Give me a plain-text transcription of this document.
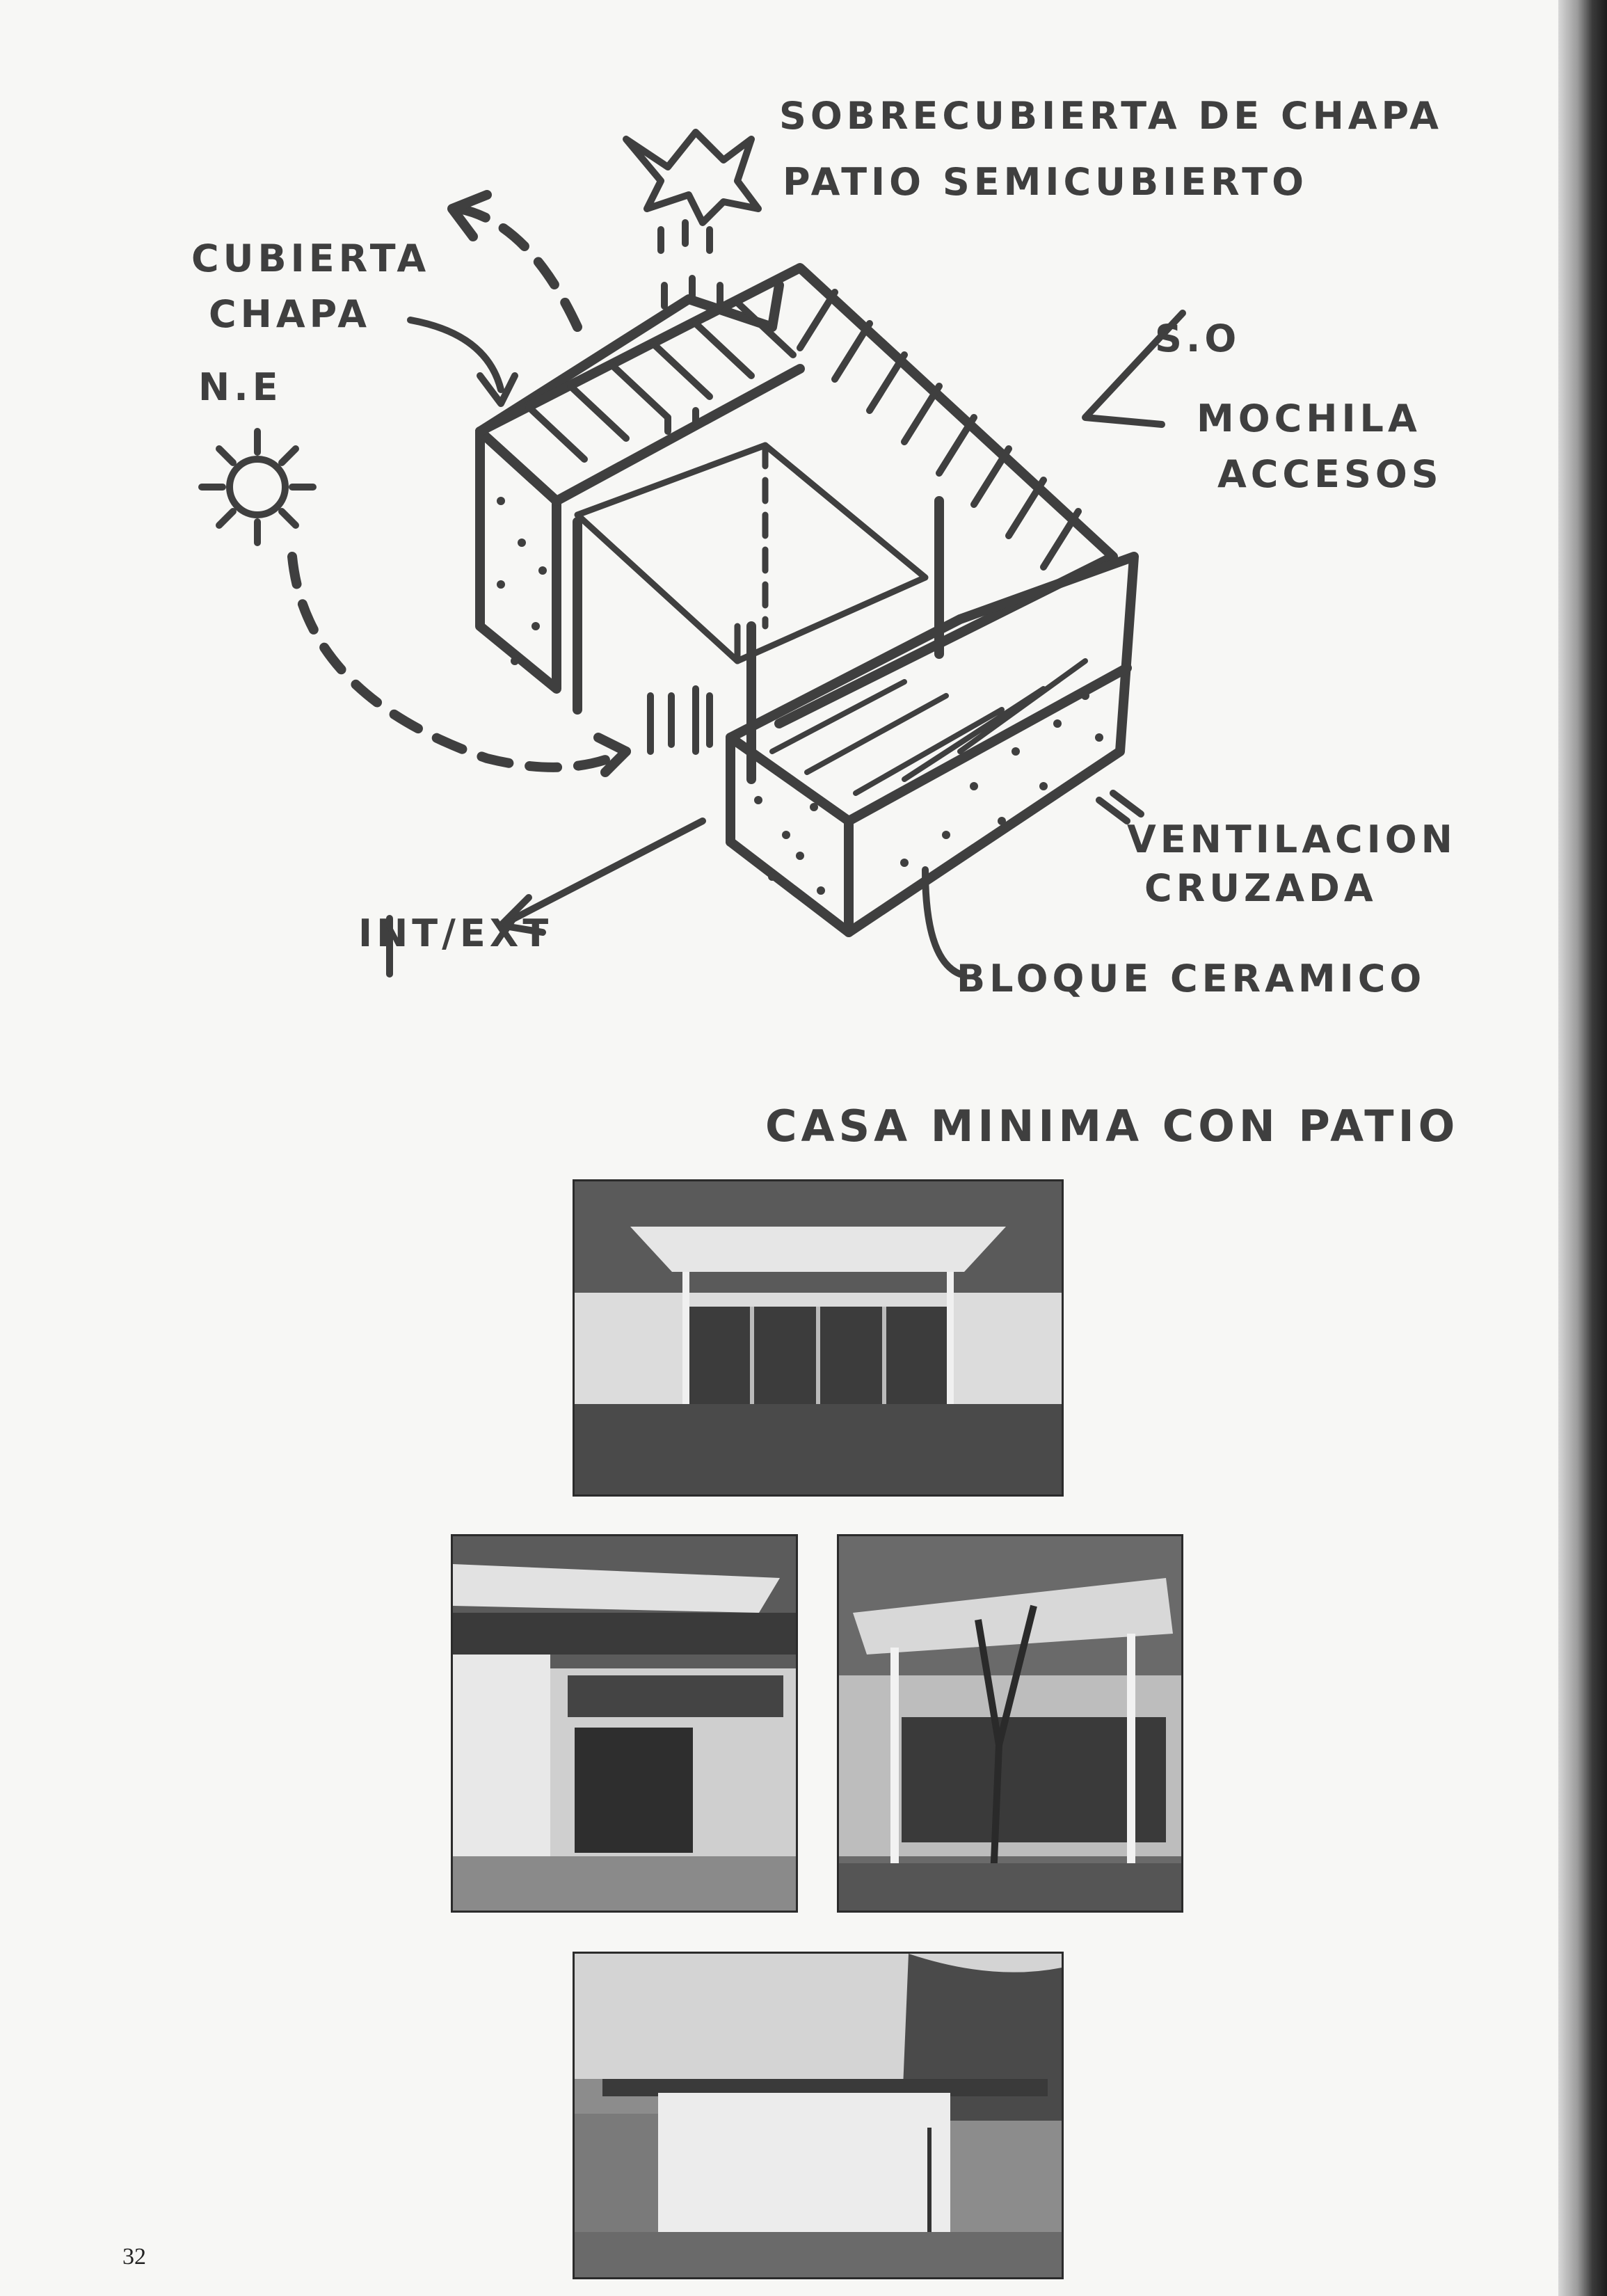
SOBRECUBIERTA DE CHAPA
PATIO SEMICUBIERTO
CUBIERTA
CHAPA
N.E
S.O
MOCHILA
ACCESOS
VENTILACION
CRUZADA
BLOQUE CERAMICO
INT/EXT
CASA MINIMA CON PATIO
32
